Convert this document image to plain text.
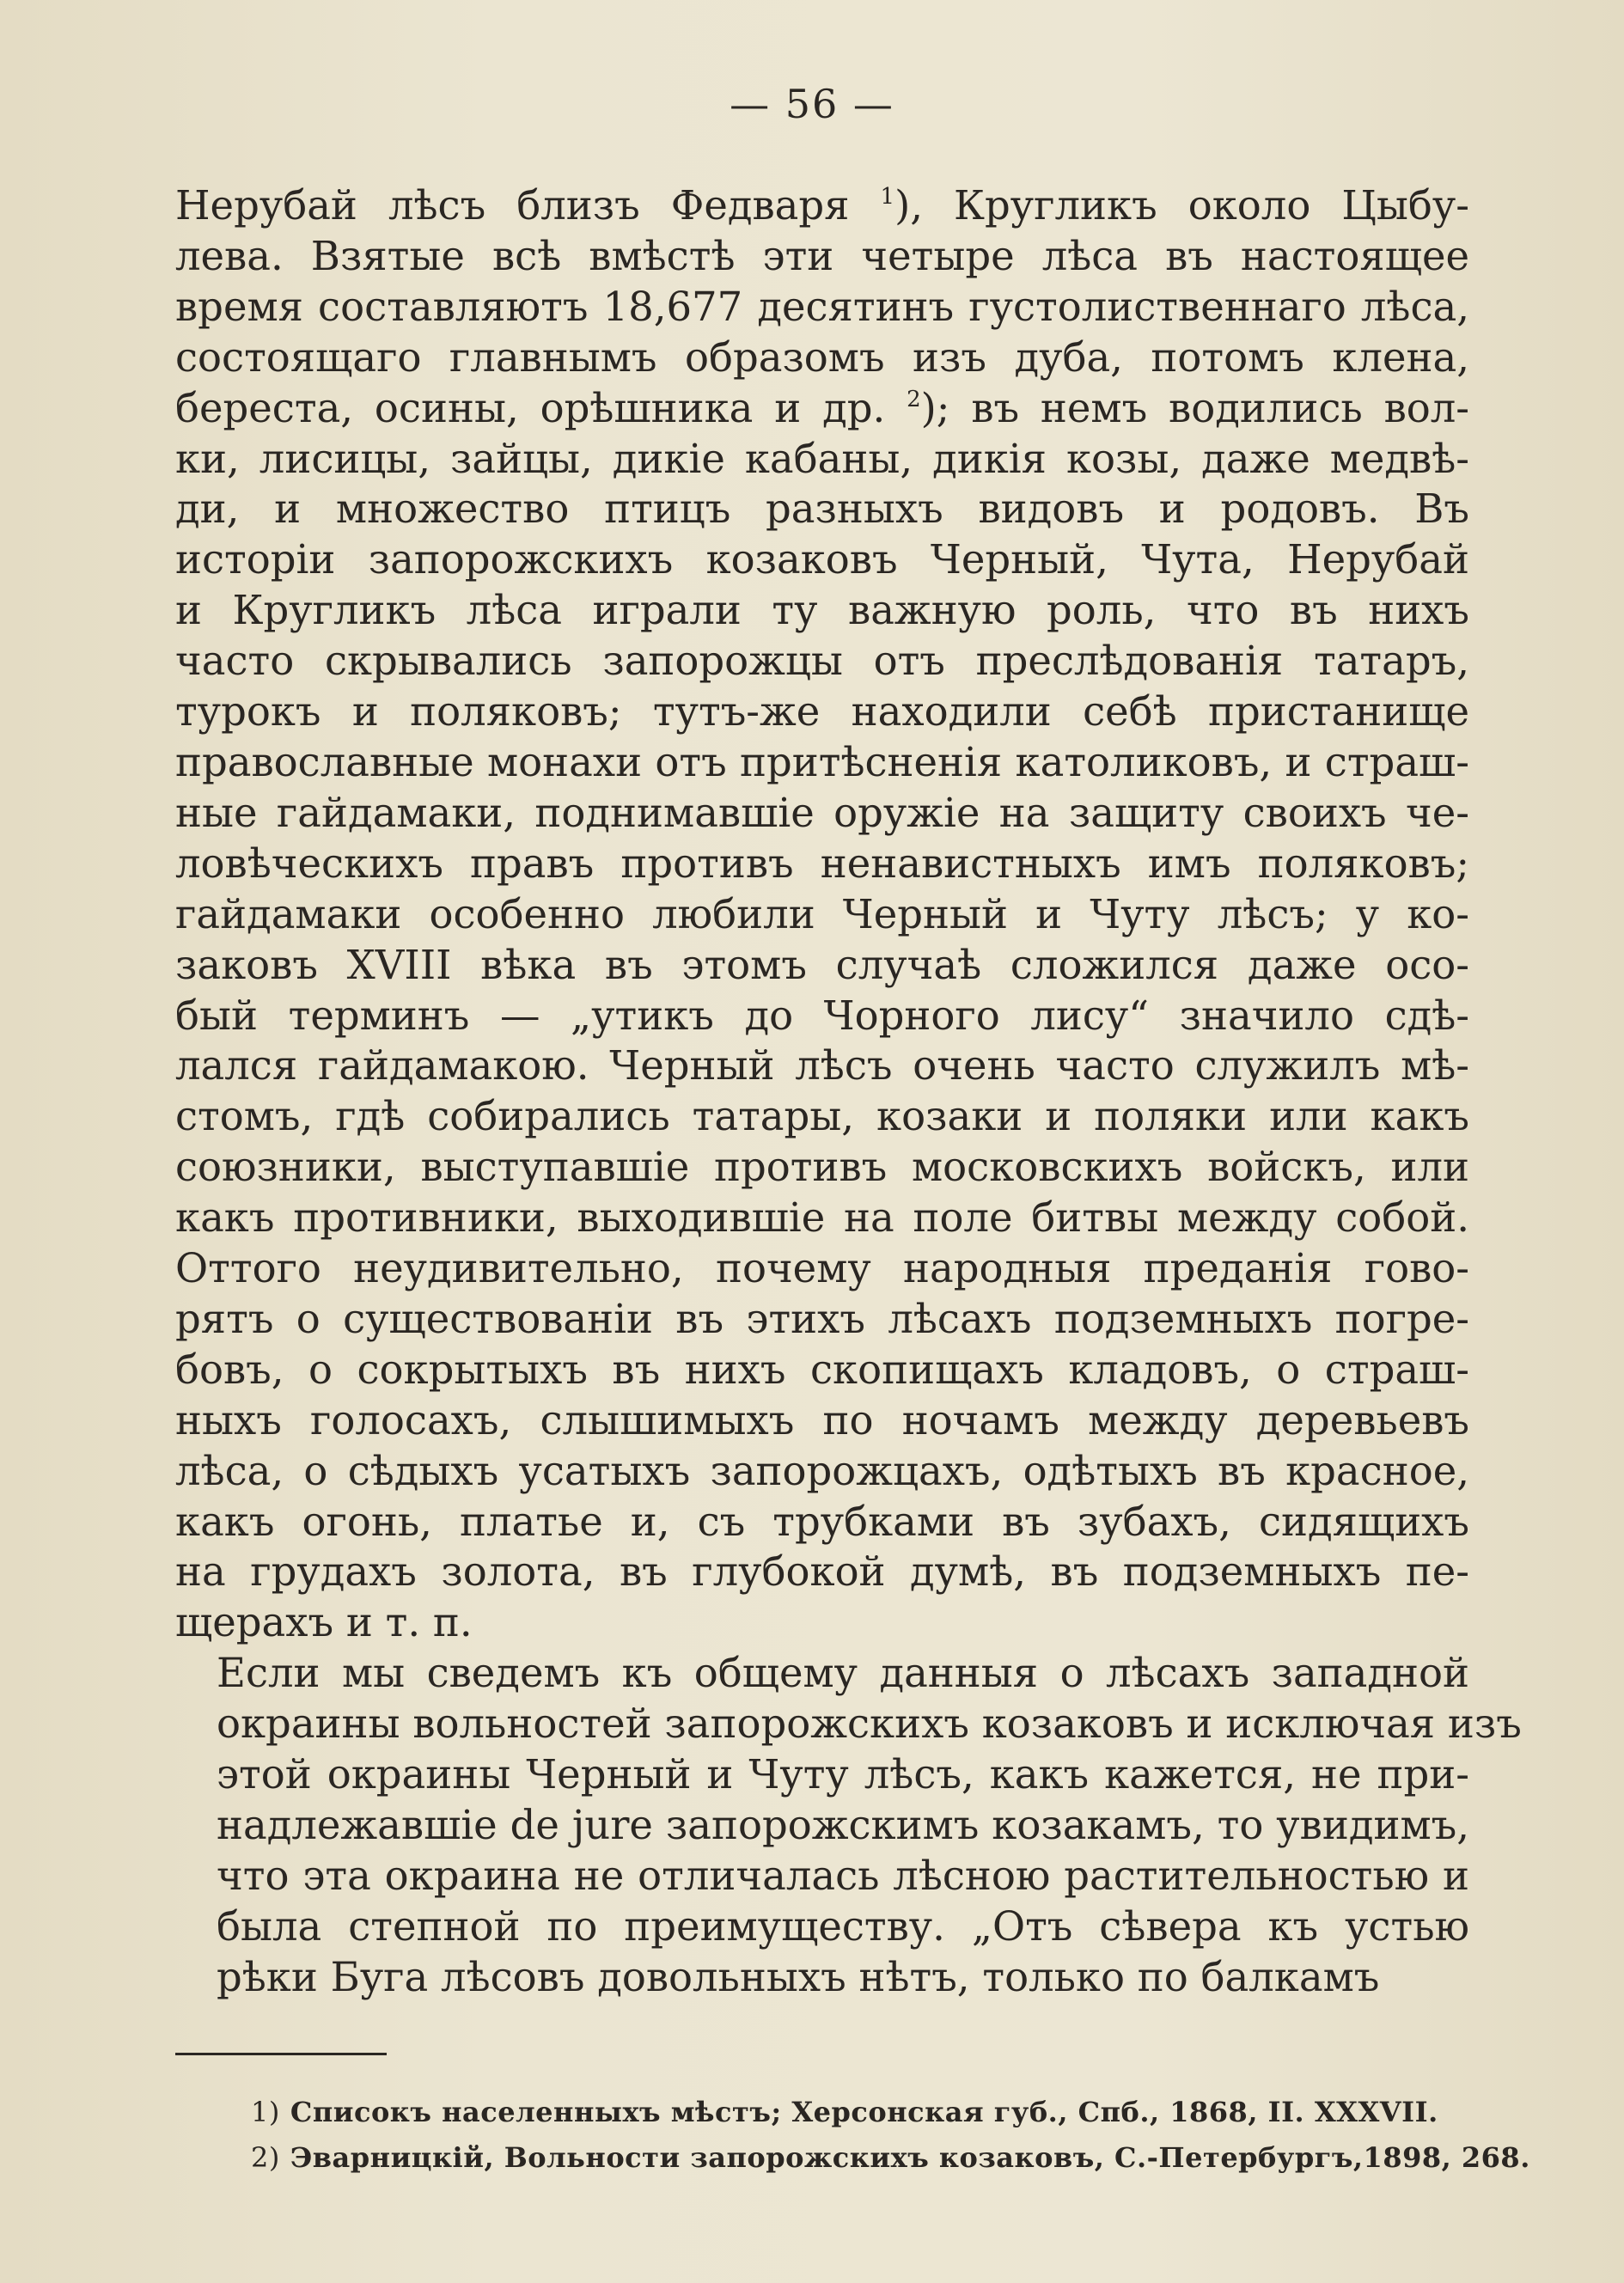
— 56 —

Нерубай лѣсъ близъ Федваря $^1$), Кругликъ около Цыбу-
лева. Взятые всѣ вмѣстѣ эти четыре лѣса въ настоящее
время составляютъ 18,677 десятинъ густолиственнаго лѣса,
состоящаго главнымъ образомъ изъ дуба, потомъ клена,
береста, осины, орѣшника и др. $^2$); въ немъ водились вол-
ки, лисицы, зайцы, дикіе кабаны, дикія козы, даже медвѣ-
ди, и множество птицъ разныхъ видовъ и родовъ. Въ
исторіи запорожскихъ козаковъ Черный, Чута, Нерубай
и Кругликъ лѣса играли ту важную роль, что въ нихъ
часто скрывались запорожцы отъ преслѣдованія татаръ,
турокъ и поляковъ; тутъ-же находили себѣ пристанище
православные монахи отъ притѣсненія католиковъ, и страш-
ные гайдамаки, поднимавшіе оружіе на защиту своихъ че-
ловѣческихъ правъ противъ ненавистныхъ имъ поляковъ;
гайдамаки особенно любили Черный и Чуту лѣсъ; у ко-
заковъ XVIII вѣка въ этомъ случаѣ сложился даже осо-
бый терминъ — „утикъ до Чорного лису“ значило сдѣ-
лался гайдамакою. Черный лѣсъ очень часто служилъ мѣ-
стомъ, гдѣ собирались татары, козаки и поляки или какъ
союзники, выступавшіе противъ московскихъ войскъ, или
какъ противники, выходившіе на поле битвы между собой.
Оттого неудивительно, почему народныя преданія гово-
рятъ о существованіи въ этихъ лѣсахъ подземныхъ погре-
бовъ, о сокрытыхъ въ нихъ скопищахъ кладовъ, о страш-
ныхъ голосахъ, слышимыхъ по ночамъ между деревьевъ
лѣса, о сѣдыхъ усатыхъ запорожцахъ, одѣтыхъ въ красное,
какъ огонь, платье и, съ трубками въ зубахъ, сидящихъ
на грудахъ золота, въ глубокой думѣ, въ подземныхъ пе-
щерахъ и т. п.

Если мы сведемъ къ общему данныя о лѣсахъ западной
окраины вольностей запорожскихъ козаковъ и исключая изъ
этой окраины Черный и Чуту лѣсъ, какъ кажется, не при-
надлежавшіе de jure запорожскимъ козакамъ, то увидимъ,
что эта окраина не отличалась лѣсною растительностью и
была степной по преимуществу. „Отъ сѣвера къ устью
рѣки Буга лѣсовъ довольныхъ нѣтъ, только по балкамъ

1) Списокъ населенныхъ мѣстъ; Херсонская губ., Спб., 1868, II. XXXVII.
2) Эварницкій, Вольности запорожскихъ козаковъ, С.-Петербургъ,1898, 268.
